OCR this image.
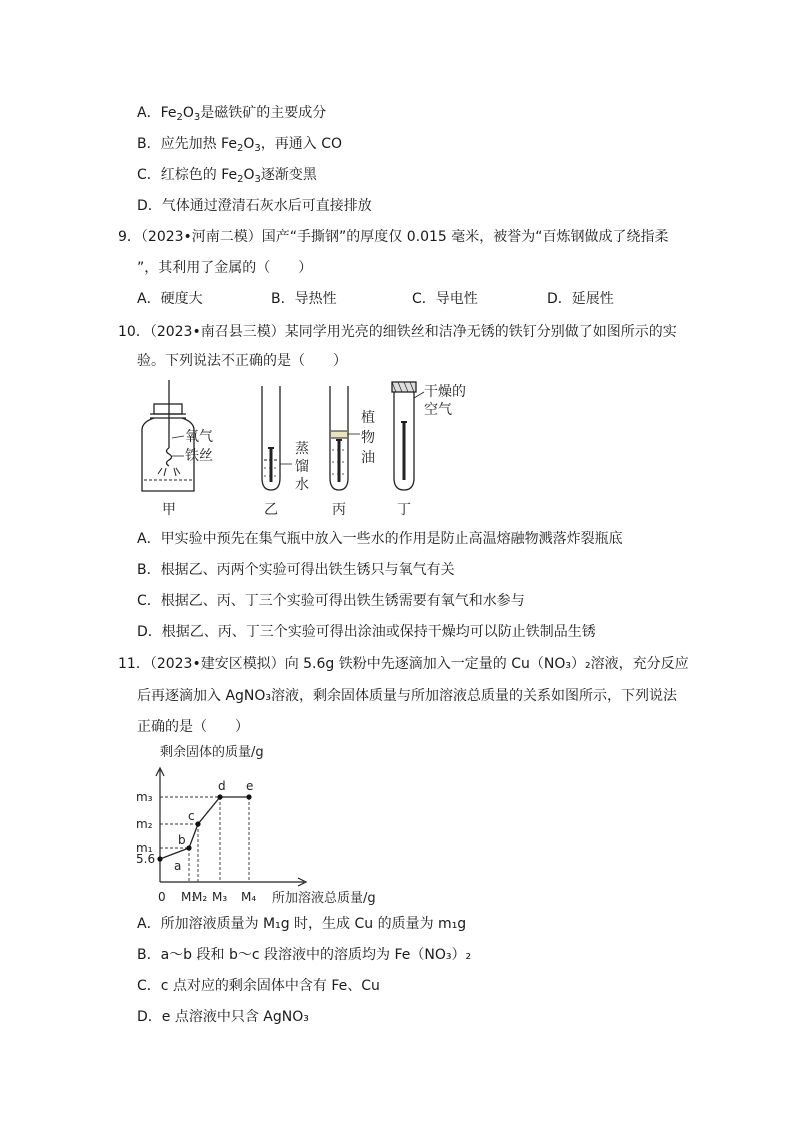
A．$Fe_2O_3$是磁铁矿的主要成分
B．应先加热 $Fe_2O_3$，再通入 CO
C．红棕色的 $Fe_2O_3$逐渐变黑
D．气体通过澄清石灰水后可直接排放
9．（2023•河南二模）国产“手撕钢”的厚度仅 0.015 毫米，被誉为“百炼钢做成了绕指柔
”，其利用了金属的（　　）
A．硬度大	B．导热性	C．导电性	D．延展性
10．（2023•南召县三模）某同学用光亮的细铁丝和洁净无锈的铁钉分别做了如图所示的实
验。下列说法不正确的是（　　）
氧气
铁丝	蒸
馏
水
植
物
油
干燥的
空气
甲	乙	丙	丁
A．甲实验中预先在集气瓶中放入一些水的作用是防止高温熔融物溅落炸裂瓶底
B．根据乙、丙两个实验可得出铁生锈只与氧气有关
C．根据乙、丙、丁三个实验可得出铁生锈需要有氧气和水参与
D．根据乙、丙、丁三个实验可得出涂油或保持干燥均可以防止铁制品生锈
11．（2023•建安区模拟）向 5.6g 铁粉中先逐滴加入一定量的 Cu（NO₃）₂溶液，充分反应
后再逐滴加入 AgNO₃溶液，剩余固体质量与所加溶液总质量的关系如图所示，下列说法
正确的是（　　）
剩余固体的质量/g
所加溶液总质量/g
0
5.6
m₁
m₂
m₃
M₁
M₂ M₃ M₄
a
b
c
d e
A．所加溶液质量为 M₁g 时，生成 Cu 的质量为 m₁g
B．a～b 段和 b～c 段溶液中的溶质均为 Fe（NO₃）₂
C．c 点对应的剩余固体中含有 Fe、Cu
D．e 点溶液中只含 AgNO₃
